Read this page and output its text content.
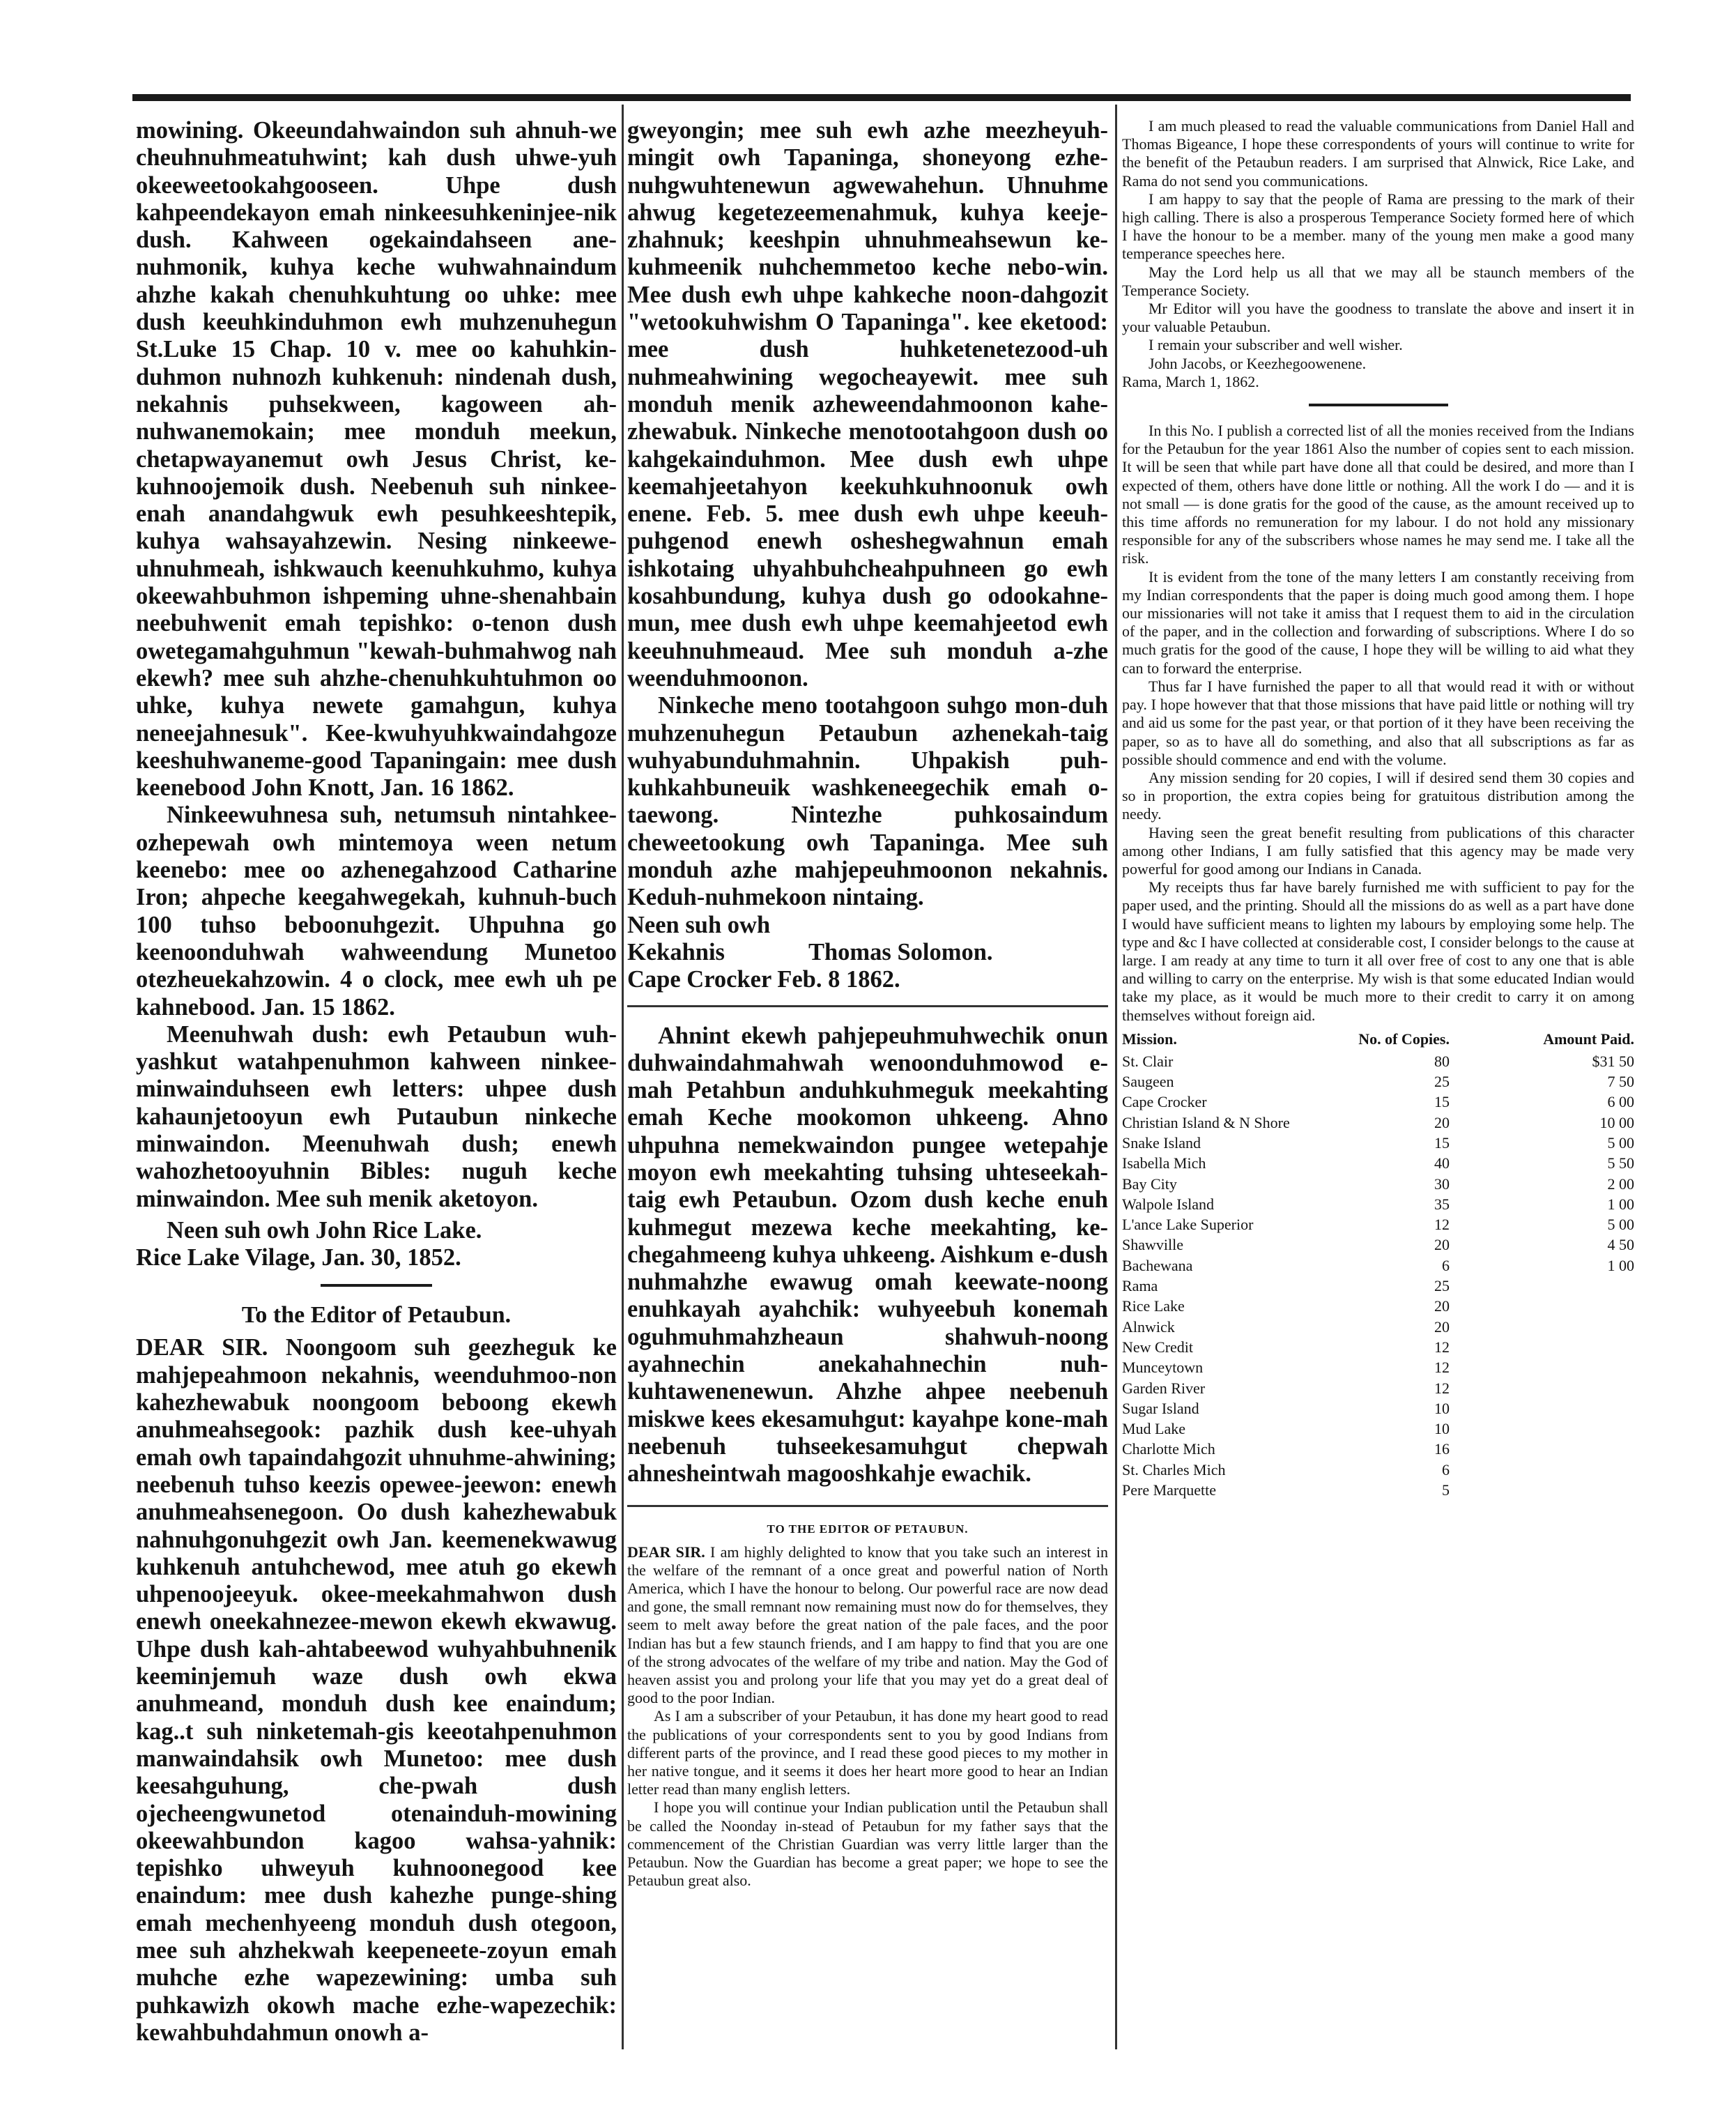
mowining. Okeeundahwaindon suh ahnuh-we cheuhnuhmeatuhwint; kah dush uhwe-yuh okeeweetookahgooseen. Uhpe dush kahpeendekayon emah ninkeesuhkeninjee-nik dush. Kahween ogekaindahseen ane-nuhmonik, kuhya keche wuhwahnaindum ahzhe kakah chenuhkuhtung oo uhke: mee dush keeuhkinduhmon ewh muhzenuhegun St.Luke 15 Chap. 10 v. mee oo kahuhkin-duhmon nuhnozh kuhkenuh: nindenah dush, nekahnis puhsekween, kagoween ah-nuhwanemokain; mee monduh meekun, chetapwayanemut owh Jesus Christ, ke-kuhnoojemoik dush. Neebenuh suh ninkee-enah anandahgwuk ewh pesuhkeeshtepik, kuhya wahsayahzewin. Nesing ninkeewe-uhnuhmeah, ishkwauch keenuhkuhmo, kuhya okeewahbuhmon ishpeming uhne-shenahbain neebuhwenit emah tepishko: o-tenon dush owetegamahguhmun "kewah-buhmahwog nah ekewh? mee suh ahzhe-chenuhkuhtuhmon oo uhke, kuhya newete gamahgun, kuhya neneejahnesuk". Kee-kwuhyuhkwaindahgoze keeshuhwaneme-good Tapaningain: mee dush keenebood John Knott, Jan. 16 1862.

Ninkeewuhnesa suh, netumsuh nintahkee-ozhepewah owh mintemoya ween netum keenebo: mee oo azhenegahzood Catharine Iron; ahpeche keegahwegekah, kuhnuh-buch 100 tuhso beboonuhgezit. Uhpuhna go keenoonduhwah wahweendung Munetoo otezheuekahzowin. 4 o clock, mee ewh uh pe kahnebood. Jan. 15 1862.

Meenuhwah dush: ewh Petaubun wuh-yashkut watahpenuhmon kahween ninkee-minwainduhseen ewh letters: uhpee dush kahaunjetooyun ewh Putaubun ninkeche minwaindon. Meenuhwah dush; enewh wahozhetooyuhnin Bibles: nuguh keche minwaindon. Mee suh menik aketoyon.

Neen suh owh John Rice Lake.

Rice Lake Vilage, Jan. 30, 1852.

To the Editor of Petaubun.

DEAR SIR. Noongoom suh geezheguk ke mahjepeahmoon nekahnis, weenduhmoo-non kahezhewabuk noongoom beboong ekewh anuhmeahsegook: pazhik dush kee-uhyah emah owh tapaindahgozit uhnuhme-ahwining; neebenuh tuhso keezis opewee-jeewon: enewh anuhmeahsenegoon. Oo dush kahezhewabuk nahnuhgonuhgezit owh Jan. keemenekwawug kuhkenuh antuhchewod, mee atuh go ekewh uhpenoojeeyuk. okee-meekahmahwon dush enewh oneekahnezee-mewon ekewh ekwawug. Uhpe dush kah-ahtabeewod wuhyahbuhnenik keeminjemuh waze dush owh ekwa anuhmeand, monduh dush kee enaindum; kag..t suh ninketemah-gis keeotahpenuhmon manwaindahsik owh Munetoo: mee dush keesahguhung, che-pwah dush ojecheengwunetod otenainduh-mowining okeewahbundon kagoo wahsa-yahnik: tepishko uhweyuh kuhnoonegood kee enaindum: mee dush kahezhe punge-shing emah mechenhyeeng monduh dush otegoon, mee suh ahzhekwah keepeneete-zoyun emah muhche ezhe wapezewining: umba suh puhkawizh okowh mache ezhe-wapezechik: kewahbuhdahmun onowh a-

gweyongin; mee suh ewh azhe meezheyuh-mingit owh Tapaninga, shoneyong ezhe-nuhgwuhtenewun agwewahehun. Uhnuhme ahwug kegetezeemenahmuk, kuhya keeje-zhahnuk; keeshpin uhnuhmeahsewun ke-kuhmeenik nuhchemmetoo keche nebo-win. Mee dush ewh uhpe kahkeche noon-dahgozit "wetookuhwishm O Tapaninga". kee eketood: mee dush huhketenetezood-uh nuhmeahwining wegocheayewit. mee suh monduh menik azheweendahmoonon kahe-zhewabuk. Ninkeche menotootahgoon dush oo kahgekainduhmon. Mee dush ewh uhpe keemahjeetahyon keekuhkuhnoonuk owh enene. Feb. 5. mee dush ewh uhpe keeuh-puhgenod enewh osheshegwahnun emah ishkotaing uhyahbuhcheahpuhneen go ewh kosahbundung, kuhya dush go odookahne-mun, mee dush ewh uhpe keemahjeetod ewh keeuhnuhmeaud. Mee suh monduh a-zhe weenduhmoonon.

Ninkeche meno tootahgoon suhgo mon-duh muhzenuhegun Petaubun azhenekah-taig wuhyabunduhmahnin. Uhpakish puh-kuhkahbuneuik washkeneegechik emah o-taewong. Nintezhe puhkosaindum cheweetookung owh Tapaninga. Mee suh monduh azhe mahjepeuhmoonon nekahnis. Keduh-nuhmekoon nintaing.

Neen suh owh

Kekahnis	Thomas Solomon.

Cape Crocker Feb. 8 1862.

Ahnint ekewh pahjepeuhmuhwechik onun duhwaindahmahwah wenoonduhmowod e-mah Petahbun anduhkuhmeguk meekahting emah Keche mookomon uhkeeng. Ahno uhpuhna nemekwaindon pungee wetepahje moyon ewh meekahting tuhsing uhteseekah-taig ewh Petaubun. Ozom dush keche enuh kuhmegut mezewa keche meekahting, ke-chegahmeeng kuhya uhkeeng. Aishkum e-dush nuhmahzhe ewawug omah keewate-noong enuhkayah ayahchik: wuhyeebuh konemah oguhmuhmahzheaun shahwuh-noong ayahnechin anekahahnechin nuh-kuhtawenenewun. Ahzhe ahpee neebenuh miskwe kees ekesamuhgut: kayahpe kone-mah neebenuh tuhseekesamuhgut chepwah ahnesheintwah magooshkahje ewachik.

TO THE EDITOR OF PETAUBUN.

DEAR SIR. I am highly delighted to know that you take such an interest in the welfare of the remnant of a once great and powerful nation of North America, which I have the honour to belong. Our powerful race are now dead and gone, the small remnant now remaining must now do for themselves, they seem to melt away before the great nation of the pale faces, and the poor Indian has but a few staunch friends, and I am happy to find that you are one of the strong advocates of the welfare of my tribe and nation. May the God of heaven assist you and prolong your life that you may yet do a great deal of good to the poor Indian.

As I am a subscriber of your Petaubun, it has done my heart good to read the publications of your correspondents sent to you by good Indians from different parts of the province, and I read these good pieces to my mother in her native tongue, and it seems it does her heart more good to hear an Indian letter read than many english letters.

I hope you will continue your Indian publication until the Petaubun shall be called the Noonday in-stead of Petaubun for my father says that the commencement of the Christian Guardian was verry little larger than the Petaubun. Now the Guardian has become a great paper; we hope to see the Petaubun great also.

I am much pleased to read the valuable communications from Daniel Hall and Thomas Bigeance, I hope these correspondents of yours will continue to write for the benefit of the Petaubun readers. I am surprised that Alnwick, Rice Lake, and Rama do not send you communications.

I am happy to say that the people of Rama are pressing to the mark of their high calling. There is also a prosperous Temperance Society formed here of which I have the honour to be a member. many of the young men make a good many temperance speeches here.

May the Lord help us all that we may all be staunch members of the Temperance Society.

Mr Editor will you have the goodness to translate the above and insert it in your valuable Petaubun.

I remain your subscriber and well wisher.

John Jacobs, or Keezhegoowenene.

Rama, March 1, 1862.

In this No. I publish a corrected list of all the monies received from the Indians for the Petaubun for the year 1861 Also the number of copies sent to each mission. It will be seen that while part have done all that could be desired, and more than I expected of them, others have done little or nothing. All the work I do — and it is not small — is done gratis for the good of the cause, as the amount received up to this time affords no remuneration for my labour. I do not hold any missionary responsible for any of the subscribers whose names he may send me. I take all the risk.

It is evident from the tone of the many letters I am constantly receiving from my Indian correspondents that the paper is doing much good among them. I hope our missionaries will not take it amiss that I request them to aid in the circulation of the paper, and in the collection and forwarding of subscriptions. Where I do so much gratis for the good of the cause, I hope they will be willing to aid what they can to forward the enterprise.

Thus far I have furnished the paper to all that would read it with or without pay. I hope however that that those missions that have paid little or nothing will try and aid us some for the past year, or that portion of it they have been receiving the paper, so as to have all do something, and also that all subscriptions as far as possible should commence and end with the volume.

Any mission sending for 20 copies, I will if desired send them 30 copies and so in proportion, the extra copies being for gratuitous distribution among the needy.

Having seen the great benefit resulting from publications of this character among other Indians, I am fully satisfied that this agency may be made very powerful for good among our Indians in Canada.

My receipts thus far have barely furnished me with sufficient to pay for the paper used, and the printing. Should all the missions do as well as a part have done I would have sufficient means to lighten my labours by employing some help. The type and &c I have collected at considerable cost, I consider belongs to the cause at large. I am ready at any time to turn it all over free of cost to any one that is able and willing to carry on the enterprise. My wish is that some educated Indian would take my place, as it would be much more to their credit to carry it on among themselves without foreign aid.

Mission.	No. of Copies.	Amount Paid.
St. Clair	80	$31 50
Saugeen	25	7 50
Cape Crocker	15	6 00
Christian Island & N Shore	20	10 00
Snake Island	15	5 00
Isabella Mich	40	5 50
Bay City	30	2 00
Walpole Island	35	1 00
L'ance Lake Superior	12	5 00
Shawville	20	4 50
Bachewana	6	1 00
Rama	25	
Rice Lake	20	
Alnwick	20	
New Credit	12	
Munceytown	12	
Garden River	12	
Sugar Island	10	
Mud Lake	10	
Charlotte Mich	16	
St. Charles Mich	6	
Pere Marquette	5	
